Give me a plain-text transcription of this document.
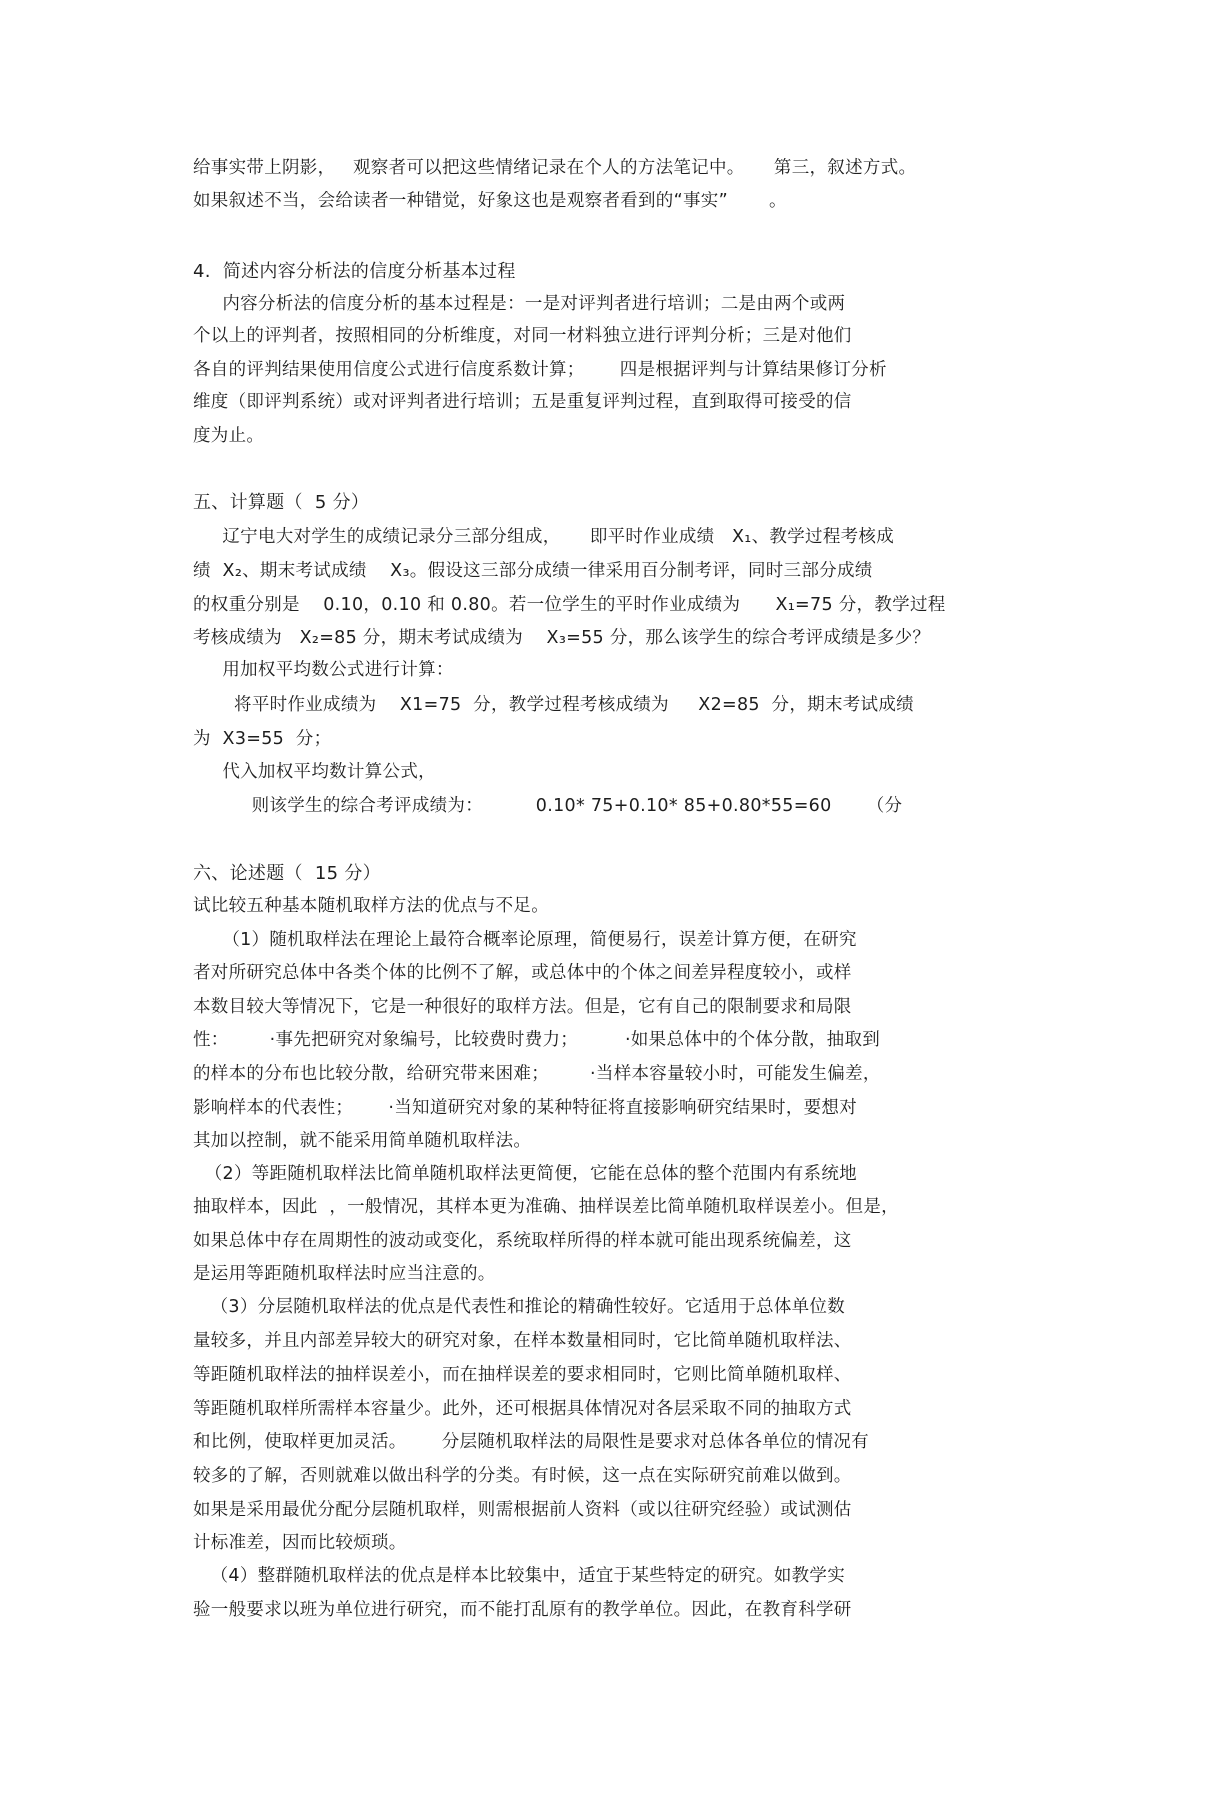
给事实带上阴影，   观察者可以把这些情绪记录在个人的方法笔记中。     第三，叙述方式。
如果叙述不当，会给读者一种错觉，好象这也是观察者看到的“事实”       。
4.  简述内容分析法的信度分析基本过程
内容分析法的信度分析的基本过程是：一是对评判者进行培训；二是由两个或两
个以上的评判者，按照相同的分析维度，对同一材料独立进行评判分析；三是对他们
各自的评判结果使用信度公式进行信度系数计算；      四是根据评判与计算结果修订分析
维度（即评判系统）或对评判者进行培训；五是重复评判过程，直到取得可接受的信
度为止。
五、计算题（  5 分）
辽宁电大对学生的成绩记录分三部分组成，     即平时作业成绩   X₁、教学过程考核成
绩  X₂、期末考试成绩    X₃。假设这三部分成绩一律采用百分制考评，同时三部分成绩
的权重分别是    0.10，0.10 和 0.80。若一位学生的平时作业成绩为      X₁=75 分，教学过程
考核成绩为   X₂=85 分，期末考试成绩为    X₃=55 分，那么该学生的综合考评成绩是多少？
用加权平均数公式进行计算：
将平时作业成绩为    X1=75  分，教学过程考核成绩为     X2=85  分，期末考试成绩
为  X3=55  分；
代入加权平均数计算公式，
则该学生的综合考评成绩为：         0.10* 75+0.10* 85+0.80*55=60      （分
六、论述题（  15 分）
试比较五种基本随机取样方法的优点与不足。
（1）随机取样法在理论上最符合概率论原理，简便易行，误差计算方便，在研究
者对所研究总体中各类个体的比例不了解，或总体中的个体之间差异程度较小，或样
本数目较大等情况下，它是一种很好的取样方法。但是，它有自己的限制要求和局限
性：       ·事先把研究对象编号，比较费时费力；        ·如果总体中的个体分散，抽取到
的样本的分布也比较分散，给研究带来困难；       ·当样本容量较小时，可能发生偏差，
影响样本的代表性；      ·当知道研究对象的某种特征将直接影响研究结果时，要想对
其加以控制，就不能采用简单随机取样法。
（2）等距随机取样法比简单随机取样法更简便，它能在总体的整个范围内有系统地
抽取样本，因此  ，一般情况，其样本更为准确、抽样误差比简单随机取样误差小。但是，
如果总体中存在周期性的波动或变化，系统取样所得的样本就可能出现系统偏差，这
是运用等距随机取样法时应当注意的。
（3）分层随机取样法的优点是代表性和推论的精确性较好。它适用于总体单位数
量较多，并且内部差异较大的研究对象，在样本数量相同时，它比简单随机取样法、
等距随机取样法的抽样误差小，而在抽样误差的要求相同时，它则比简单随机取样、
等距随机取样所需样本容量少。此外，还可根据具体情况对各层采取不同的抽取方式
和比例，使取样更加灵活。      分层随机取样法的局限性是要求对总体各单位的情况有
较多的了解，否则就难以做出科学的分类。有时候，这一点在实际研究前难以做到。
如果是采用最优分配分层随机取样，则需根据前人资料（或以往研究经验）或试测估
计标准差，因而比较烦琐。
（4）整群随机取样法的优点是样本比较集中，适宜于某些特定的研究。如教学实
验一般要求以班为单位进行研究，而不能打乱原有的教学单位。因此，在教育科学研
